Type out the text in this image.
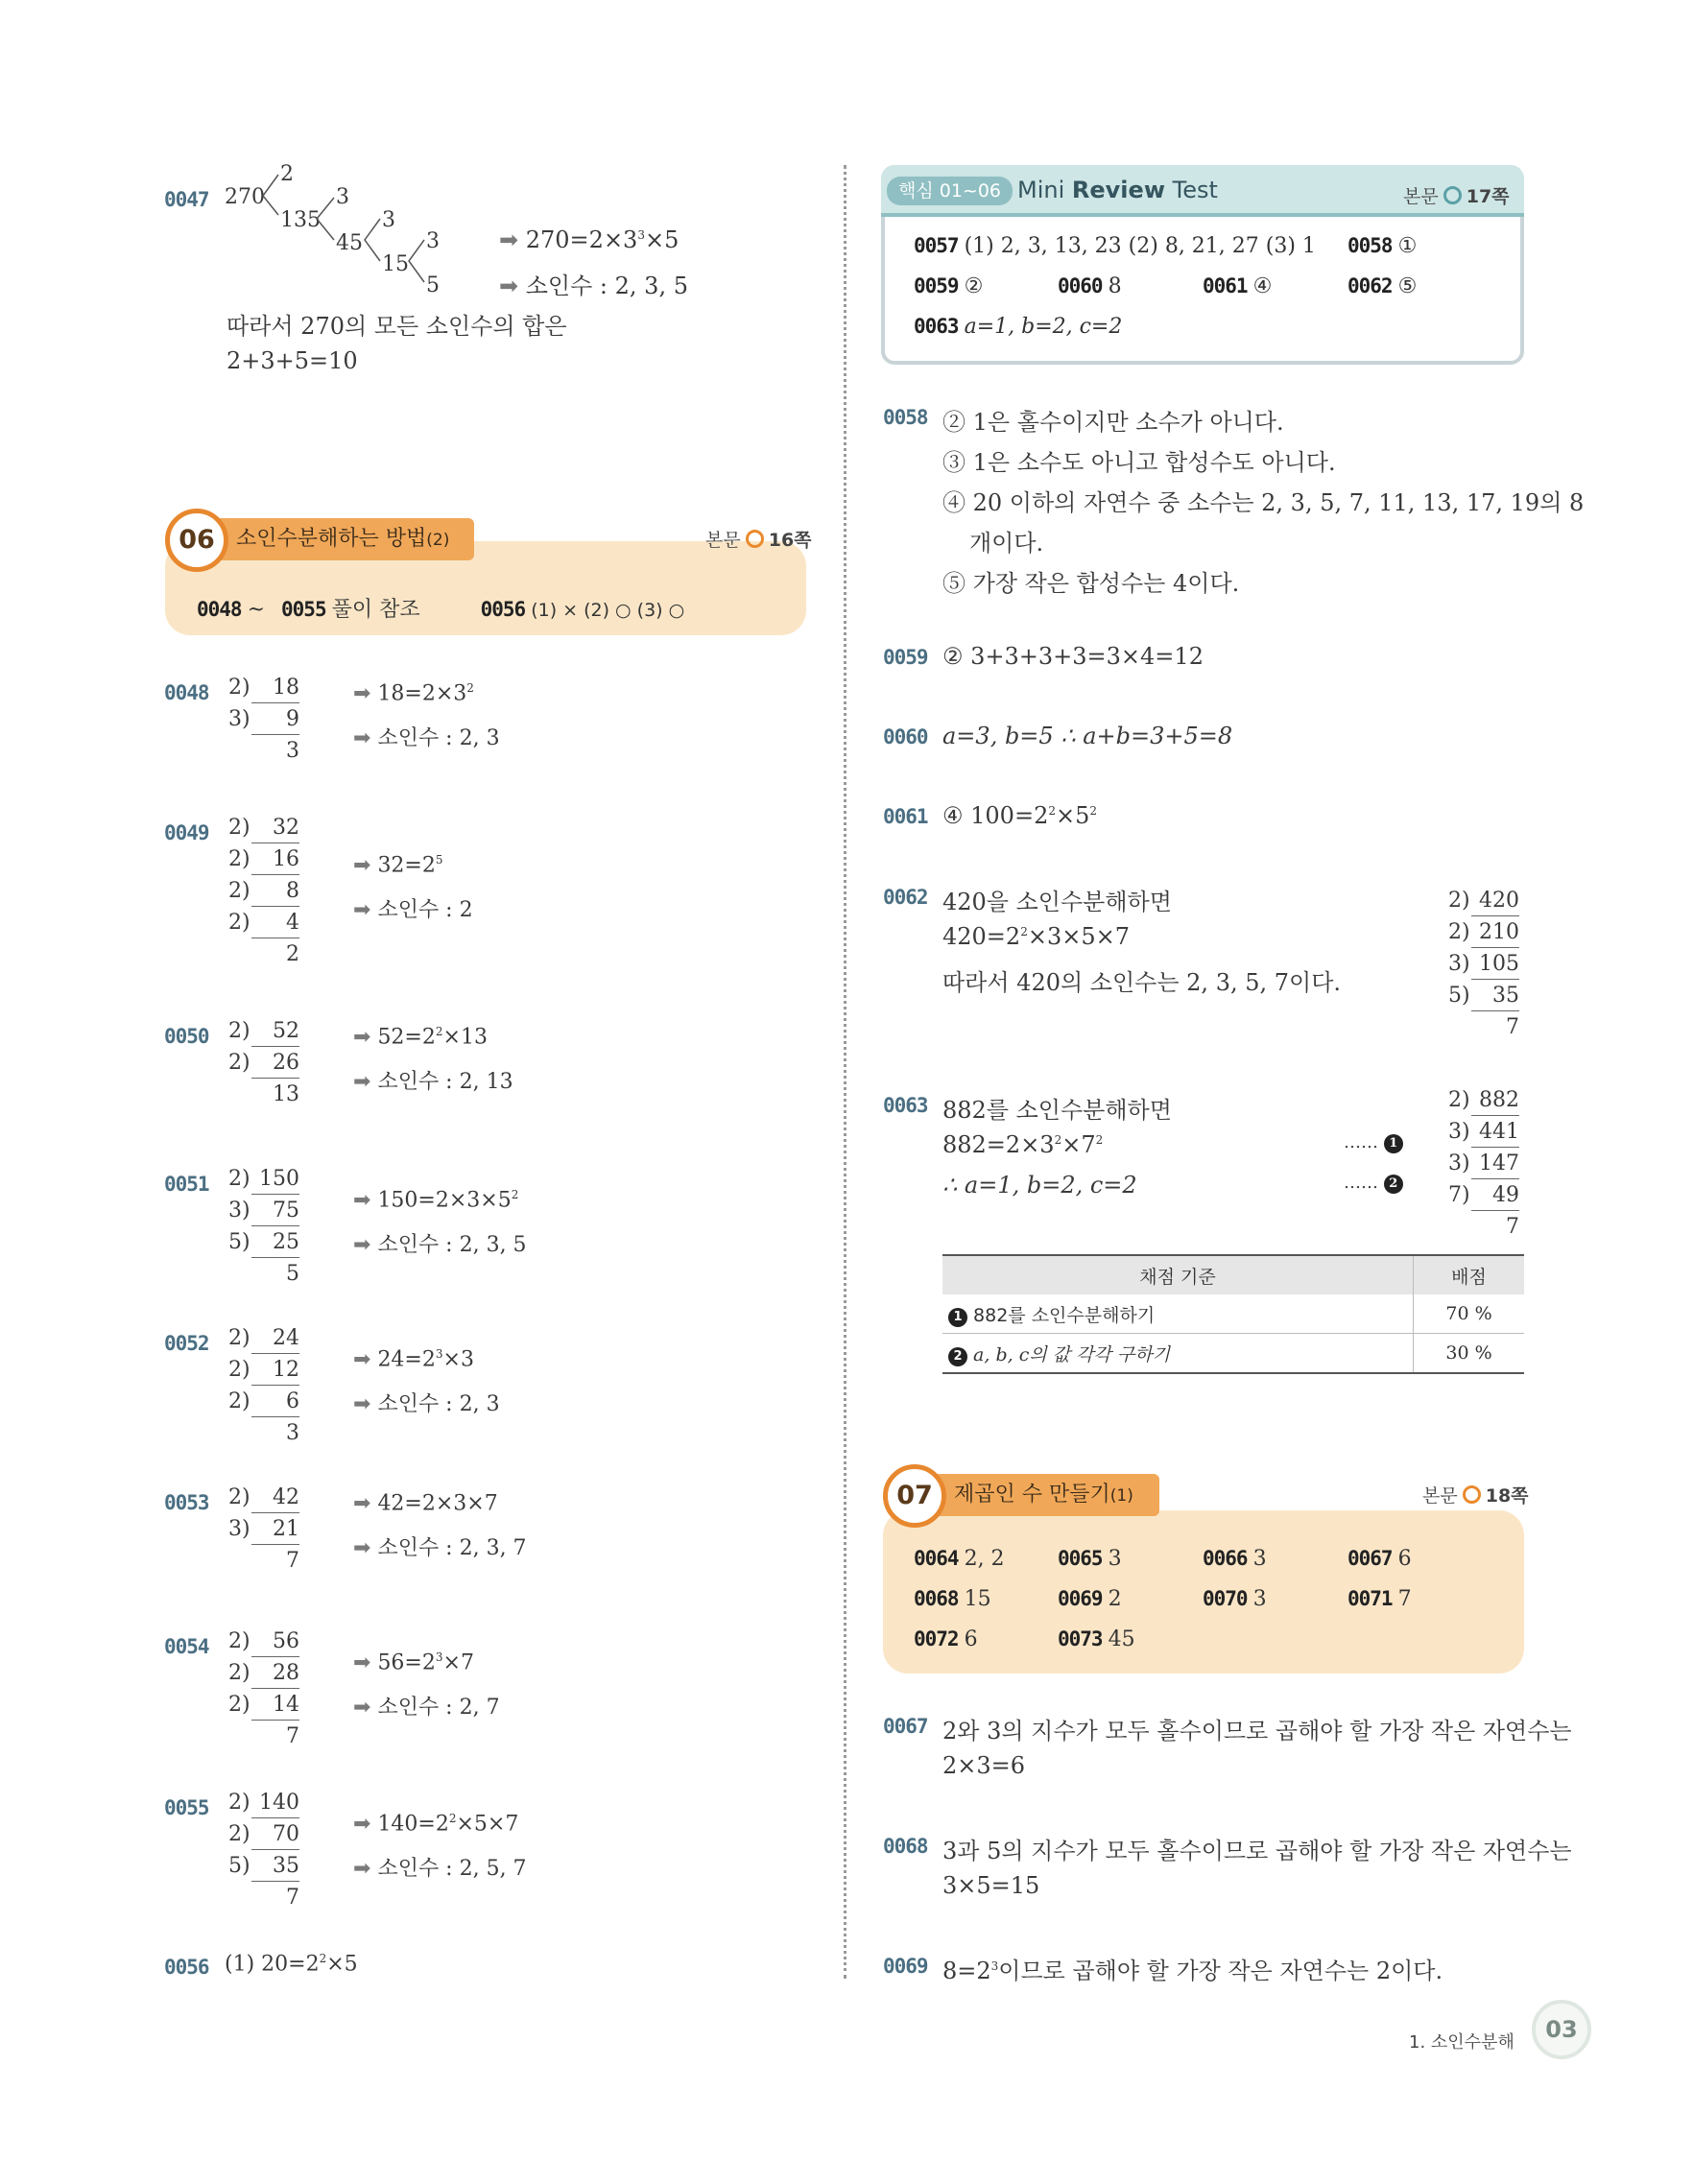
0047 270
2
135
3
45
3
15
3
5
➡ $270=2\times 3^3\times 5$
➡ 소인수 : 2, 3, 5
따라서 270의 모든 소인수의 합은
2+3+5=10
소인수분해하는 방법(2)
06	본문 16쪽
0048 ~ 0055 풀이 참조	0056 (1) × (2) ○ (3) ○
0048 2) 18
3) 9
3
➡ $18=2\times 3^2$
➡ 소인수 : 2, 3
0049 2) 32
2) 16
2) 8
2) 4
2
➡ $32=2^5$
➡ 소인수 : 2
0050 2) 52
2) 26
13
➡ $52=2^2\times 13$
➡ 소인수 : 2, 13
0051 2) 150
3) 75
5) 25
5
➡ $150=2\times 3\times 5^2$
➡ 소인수 : 2, 3, 5
0052 2) 24
2) 12
2) 6
3
➡ $24=2^3\times 3$
➡ 소인수 : 2, 3
0053 2) 42
3) 21
7
➡ 42=2×3×7
➡ 소인수 : 2, 3, 7
0054 2) 56
2) 28
2) 14
7
➡ $56=2^3\times 7$
➡ 소인수 : 2, 7
0055 2) 140
2) 70
5) 35
7
➡ $140=2^2\times 5\times 7$
➡ 소인수 : 2, 5, 7
0056 (1) $20=2^2\times 5$
핵심 01~06 Mini Review Test	본문 17쪽
0057 (1) 2, 3, 13, 23 (2) 8, 21, 27 (3) 1 0058 ①
0059 ②	0060 8	0061 ④	0062 ⑤
0063 a=1, b=2, c=2
0058 ② 1은 홀수이지만 소수가 아니다.
③ 1은 소수도 아니고 합성수도 아니다.
④ 20 이하의 자연수 중 소수는 2, 3, 5, 7, 11, 13, 17, 19의 8
개이다.
⑤ 가장 작은 합성수는 4이다.
0059 ② 3+3+3+3=3×4=12
0060 a=3, b=5 ∴ a+b=3+5=8
0061 ④ $100=2^2\times 5^2$
0062 420을 소인수분해하면
$420=2^2\times 3\times 5\times 7$
따라서 420의 소인수는 2, 3, 5, 7이다.
2) 420
2) 210
3) 105
5) 35
7
0063 882를 소인수분해하면
$882=2\times 3^2\times 7^2$
∴ a=1, b=2, c=2
…… 1
…… 2
2) 882
3) 441
3) 147
7) 49
7
채점 기준	배점
1 882를 소인수분해하기	70 %
2 a, b, c의 값 각각 구하기	30 %
제곱인 수 만들기(1)
07	본문 18쪽
0064 2, 2	0065 3	0066 3	0067 6
0068 15	0069 2	0070 3	0071 7
0072 6	0073 45
0067 2와 3의 지수가 모두 홀수이므로 곱해야 할 가장 작은 자연수는
2×3=6
0068 3과 5의 지수가 모두 홀수이므로 곱해야 할 가장 작은 자연수는
3×5=15
0069 $8=2^3$이므로 곱해야 할 가장 작은 자연수는 2이다.
1. 소인수분해	03
